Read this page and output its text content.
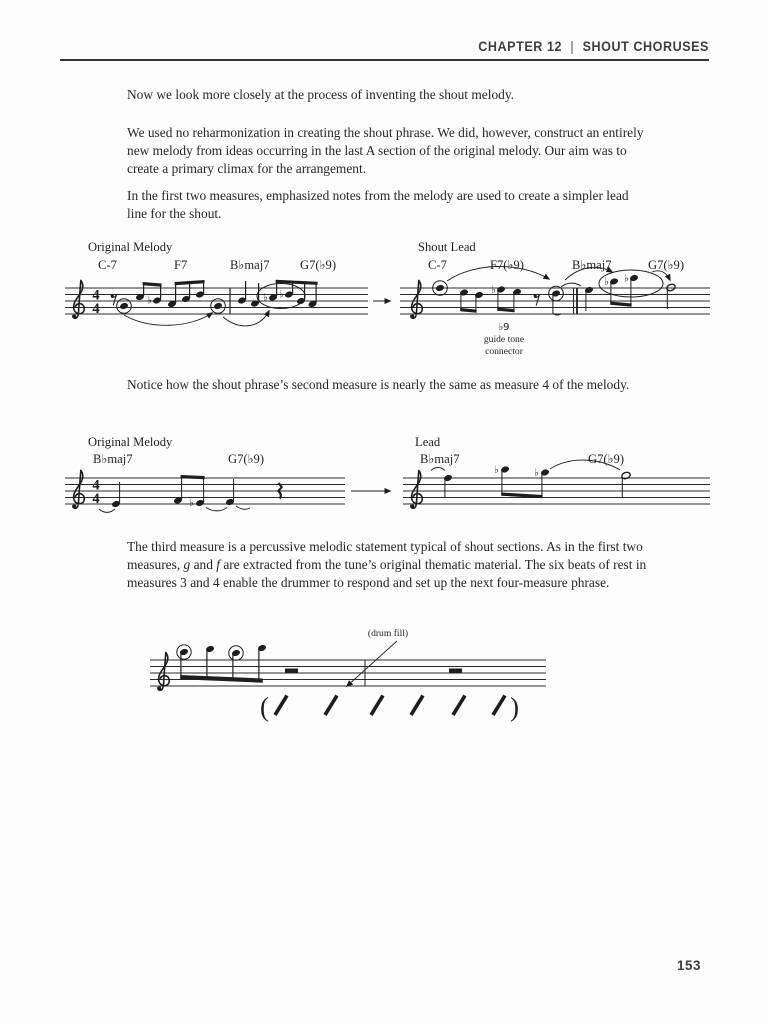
CHAPTER 12 | SHOUT CHORUSES
Now we look more closely at the process of inventing the shout melody.
We used no reharmonization in creating the shout phrase. We did, however, construct an entirely new melody from ideas occurring in the last A section of the original melody. Our aim was to create a primary climax for the arrangement.
In the first two measures, emphasized notes from the melody are used to create a simpler lead line for the shout.
Original Melody	Shout Lead
C-7	F7	B♭maj7 G7(♭9)	C-7	F7(♭9)	B♭maj7	G7(♭9)
4
4
♭	♭ ♭	♭
♭ ♭
♭9
guide tone
connector
Notice how the shout phrase’s second measure is nearly the same as measure 4 of the melody.
Original Melody	Lead
B♭maj7	G7(♭9)	B♭maj7	G7(♭9)
4
4	♭
♭	♭
The third measure is a percussive melodic statement typical of shout sections. As in the first two measures, g and f are extracted from the tune’s original thematic material. The six beats of rest in measures 3 and 4 enable the drummer to respond and set up the next four-measure phrase.
(drum fill)
(	)
153
